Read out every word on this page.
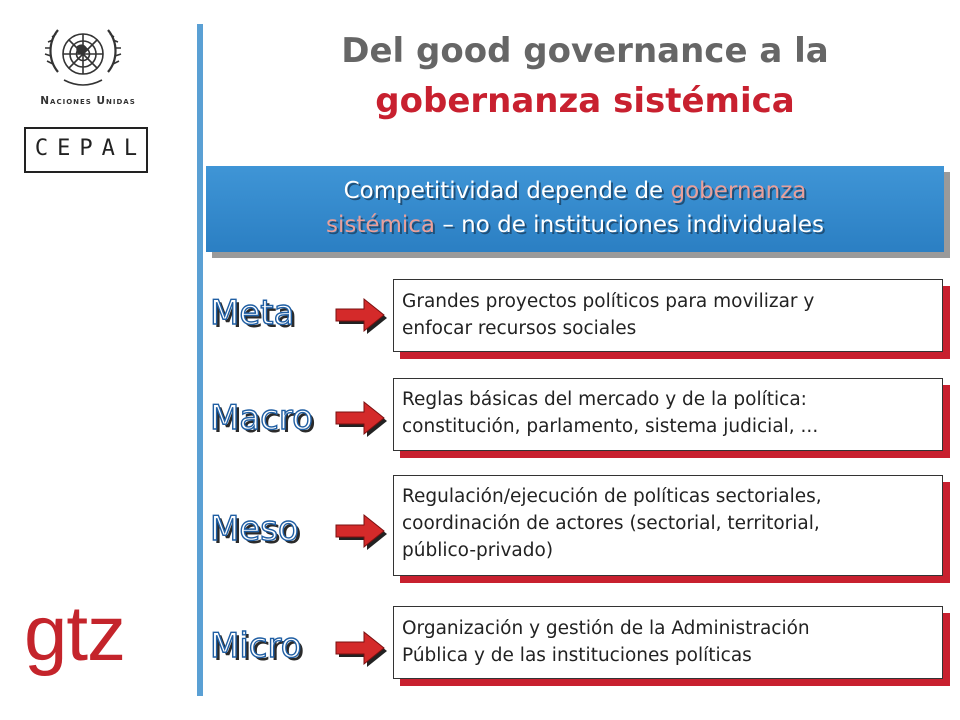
Naciones Unidas
CEPAL
gtz
Del good governance a la
gobernanza sistémica
Competitividad depende de gobernanza
sistémica – no de instituciones individuales
Meta	Grandes proyectos políticos para movilizar y
enfocar recursos sociales
Macro	Reglas básicas del mercado y de la política:
constitución, parlamento, sistema judicial, ...
Meso
Regulación/ejecución de políticas sectoriales,
coordinación de actores (sectorial, territorial,
público-privado)
Micro	Organización y gestión de la Administración
Pública y de las instituciones políticas
